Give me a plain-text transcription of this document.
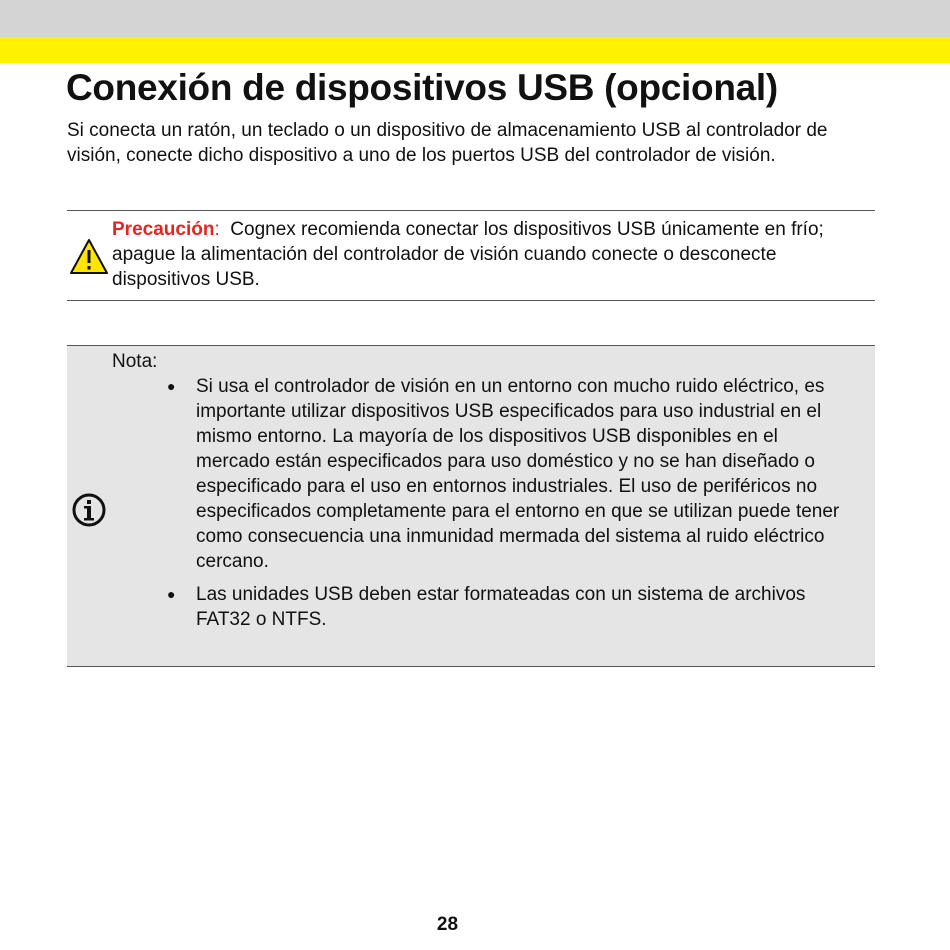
Conexión de dispositivos USB (opcional)

Si conecta un ratón, un teclado o un dispositivo de almacenamiento USB al controlador de visión, conecte dicho dispositivo a uno de los puertos USB del controlador de visión.

Precaución: Cognex recomienda conectar los dispositivos USB únicamente en frío; apague la alimentación del controlador de visión cuando conecte o desconecte dispositivos USB.

Nota:

● Si usa el controlador de visión en un entorno con mucho ruido eléctrico, es importante utilizar dispositivos USB especificados para uso industrial en el mismo entorno. La mayoría de los dispositivos USB disponibles en el mercado están especificados para uso doméstico y no se han diseñado o especificado para el uso en entornos industriales. El uso de periféricos no especificados completamente para el entorno en que se utilizan puede tener como consecuencia una inmunidad mermada del sistema al ruido eléctrico cercano.
● Las unidades USB deben estar formateadas con un sistema de archivos FAT32 o NTFS.
28
